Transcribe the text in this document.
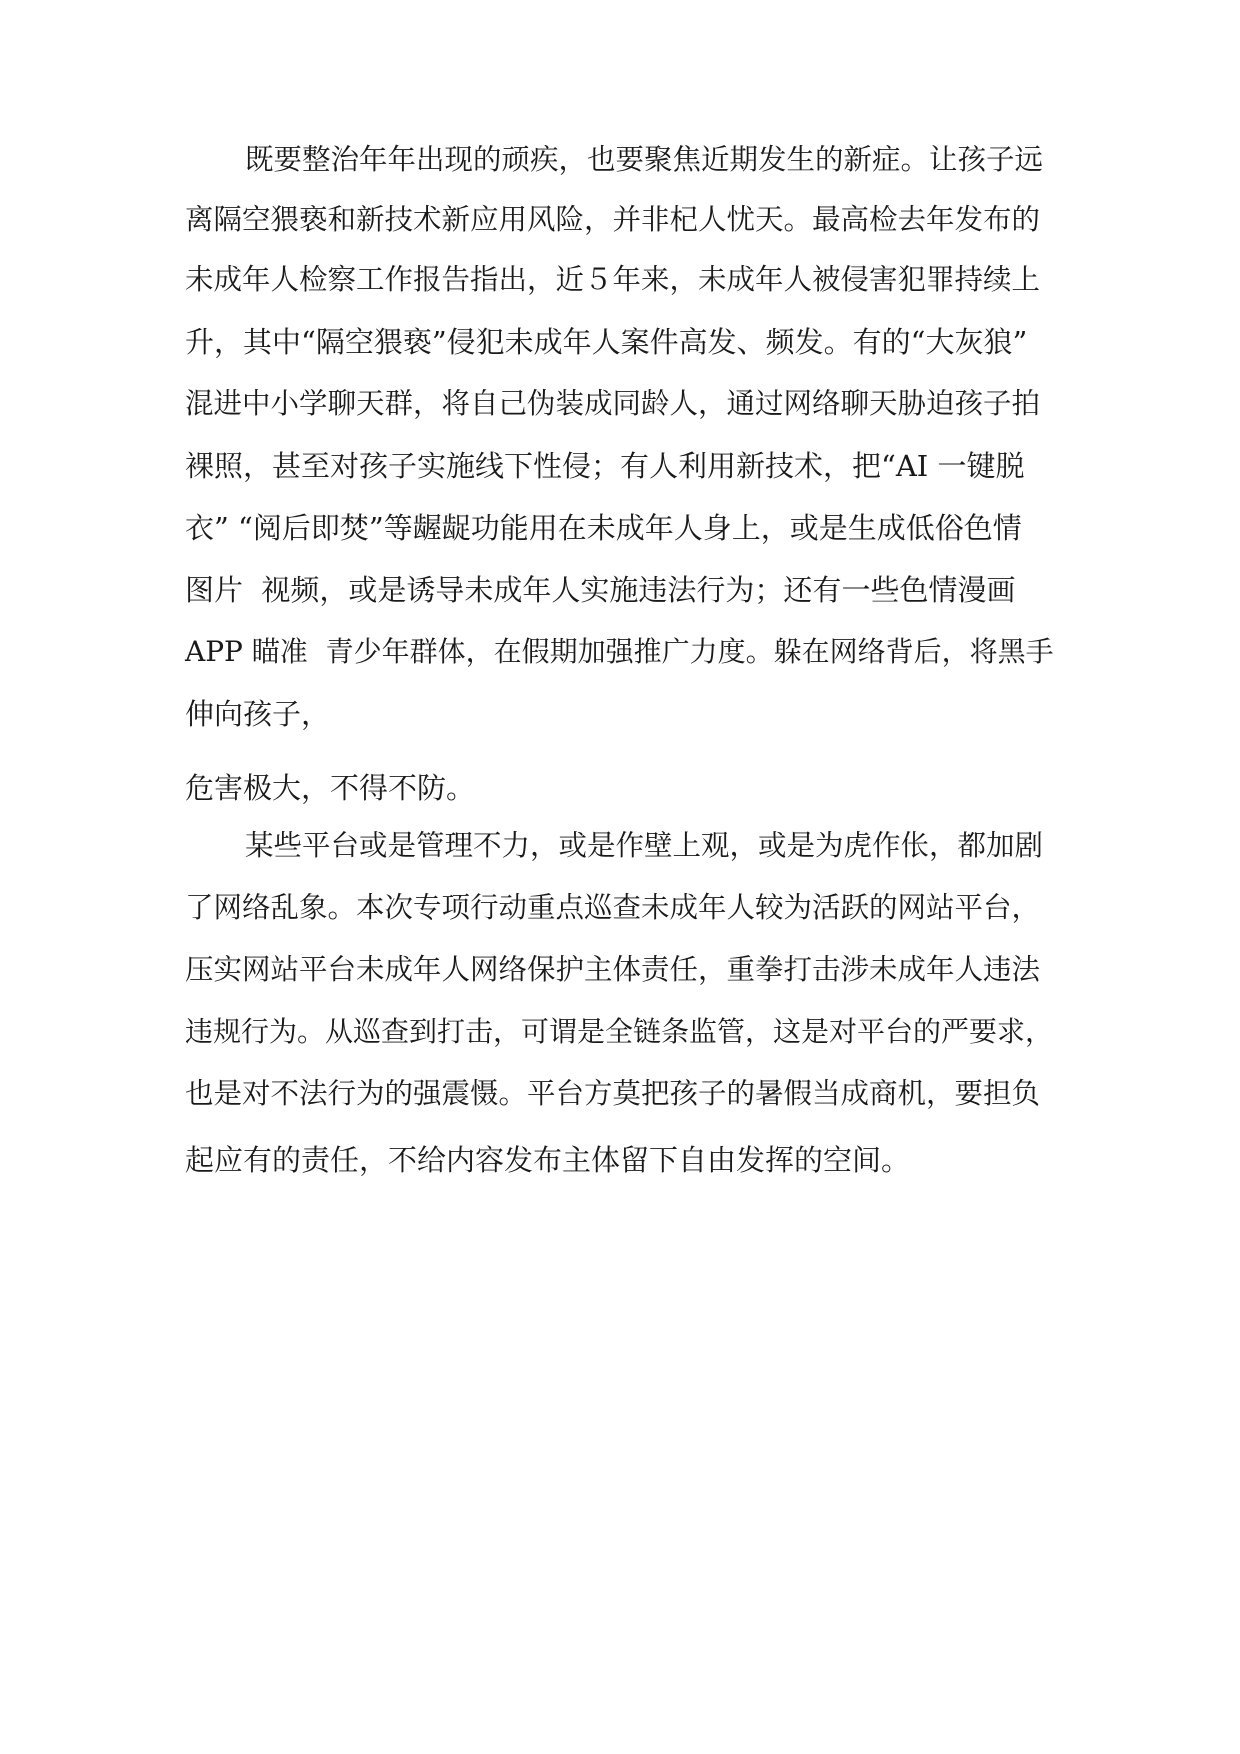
既要整治年年出现的顽疾，也要聚焦近期发生的新症。让孩子远
离隔空猥亵和新技术新应用风险，并非杞人忧天。最高检去年发布的
未成年人检察工作报告指出，近５年来，未成年人被侵害犯罪持续上
升，其中“隔空猥亵”侵犯未成年人案件高发、频发。有的“大灰狼”
混进中小学聊天群，将自己伪装成同龄人，通过网络聊天胁迫孩子拍
裸照，甚至对孩子实施线下性侵；有人利用新技术，把“AI 一键脱
衣” “阅后即焚”等龌龊功能用在未成年人身上，或是生成低俗色情
图片  视频，或是诱导未成年人实施违法行为；还有一些色情漫画
APP 瞄准  青少年群体，在假期加强推广力度。躲在网络背后，将黑手
伸向孩子，
危害极大，不得不防。
某些平台或是管理不力，或是作壁上观，或是为虎作伥，都加剧
了网络乱象。本次专项行动重点巡查未成年人较为活跃的网站平台，
压实网站平台未成年人网络保护主体责任，重拳打击涉未成年人违法
违规行为。从巡查到打击，可谓是全链条监管，这是对平台的严要求，
也是对不法行为的强震慑。平台方莫把孩子的暑假当成商机，要担负
起应有的责任，不给内容发布主体留下自由发挥的空间。
